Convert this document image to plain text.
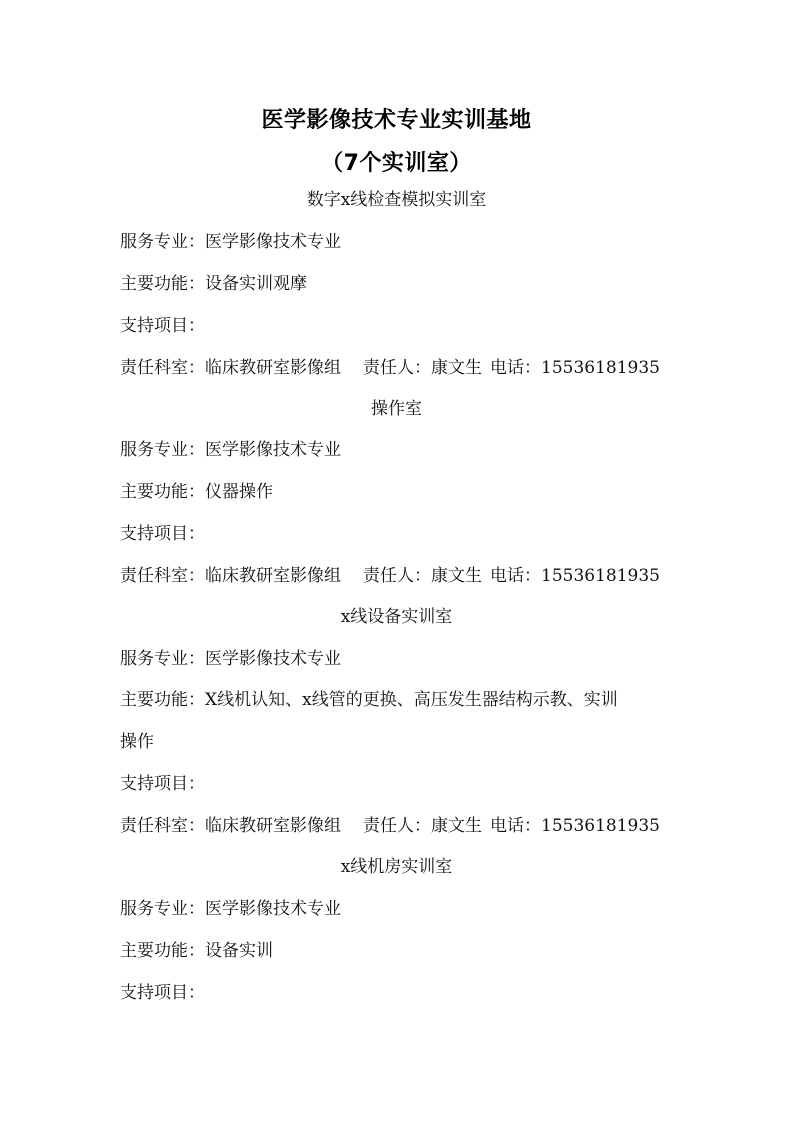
医学影像技术专业实训基地
（7个实训室）
数字x线检查模拟实训室
服务专业：医学影像技术专业
主要功能：设备实训观摩
支持项目：
责任科室：临床教研室影像组 责任人：康文生 电话：15536181935
操作室
服务专业：医学影像技术专业
主要功能：仪器操作
支持项目：
责任科室：临床教研室影像组 责任人：康文生 电话：15536181935
x线设备实训室
服务专业：医学影像技术专业
主要功能：X线机认知、x线管的更换、高压发生器结构示教、实训
操作
支持项目：
责任科室：临床教研室影像组 责任人：康文生 电话：15536181935
x线机房实训室
服务专业：医学影像技术专业
主要功能：设备实训
支持项目：
